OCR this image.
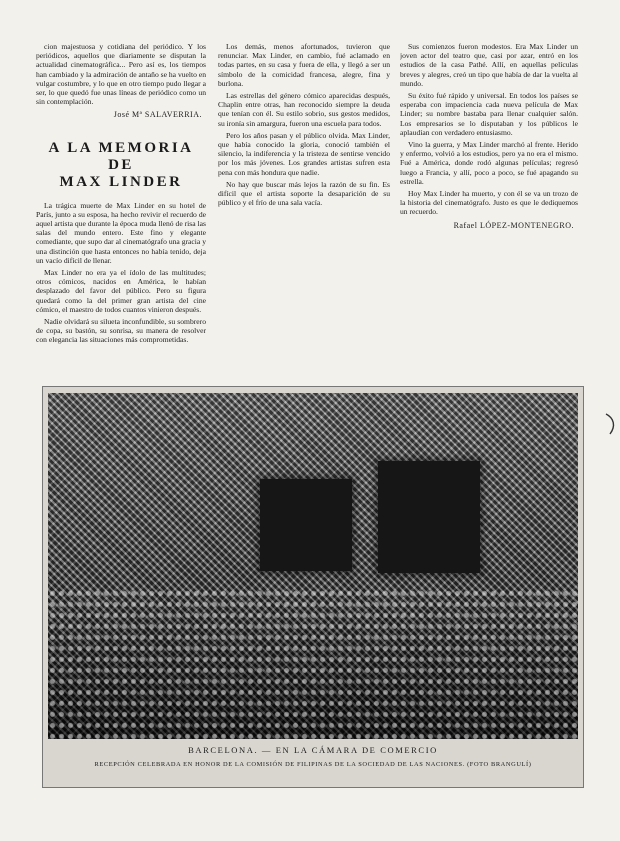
cion majestuosa y cotidiana del periódico. Y los periódicos, aquellos que diariamente se disputan la actualidad cinematográfica... Pero así es, los tiempos han cambiado y la admiración de antaño se ha vuelto en vulgar costumbre, y lo que en otro tiempo pudo llegar a ser, lo que quedó fue unas líneas de periódico como un sin contemplación.

José Mª SALAVERRIA.
A LA MEMORIA DE
MAX LINDER

La trágica muerte de Max Linder en su hotel de París, junto a su esposa, ha hecho revivir el recuerdo de aquel artista que durante la época muda llenó de risa las salas del mundo entero. Este fino y elegante comediante, que supo dar al cinematógrafo una gracia y una distinción que hasta entonces no había tenido, deja un vacío difícil de llenar.

Max Linder no era ya el ídolo de las multitudes; otros cómicos, nacidos en América, le habían desplazado del favor del público. Pero su figura quedará como la del primer gran artista del cine cómico, el maestro de todos cuantos vinieron después.

Nadie olvidará su silueta inconfundible, su sombrero de copa, su bastón, su sonrisa, su manera de resolver con elegancia las situaciones más comprometidas.

Los demás, menos afortunados, tuvieron que renunciar. Max Linder, en cambio, fué aclamado en todas partes, en su casa y fuera de ella, y llegó a ser un símbolo de la comicidad francesa, alegre, fina y burlona.

Las estrellas del género cómico aparecidas después, Chaplin entre otras, han reconocido siempre la deuda que tenían con él. Su estilo sobrio, sus gestos medidos, su ironía sin amargura, fueron una escuela para todos.

Pero los años pasan y el público olvida. Max Linder, que había conocido la gloria, conoció también el silencio, la indiferencia y la tristeza de sentirse vencido por los más jóvenes. Los grandes artistas sufren esta pena con más hondura que nadie.

No hay que buscar más lejos la razón de su fin. Es difícil que el artista soporte la desaparición de su público y el frío de una sala vacía.

Sus comienzos fueron modestos. Era Max Linder un joven actor del teatro que, casi por azar, entró en los estudios de la casa Pathé. Allí, en aquellas películas breves y alegres, creó un tipo que había de dar la vuelta al mundo.

Su éxito fué rápido y universal. En todos los países se esperaba con impaciencia cada nueva película de Max Linder; su nombre bastaba para llenar cualquier salón. Los empresarios se lo disputaban y los públicos le aplaudían con verdadero entusiasmo.

Vino la guerra, y Max Linder marchó al frente. Herido y enfermo, volvió a los estudios, pero ya no era el mismo. Fué a América, donde rodó algunas películas; regresó luego a Francia, y allí, poco a poco, se fué apagando su estrella.

Hoy Max Linder ha muerto, y con él se va un trozo de la historia del cinematógrafo. Justo es que le dediquemos un recuerdo.

Rafael LÓPEZ-MONTENEGRO.
BARCELONA. — EN LA CÁMARA DE COMERCIO
RECEPCIÓN CELEBRADA EN HONOR DE LA COMISIÓN DE FILIPINAS DE LA SOCIEDAD DE LAS NACIONES. (FOTO BRANGULÍ)
